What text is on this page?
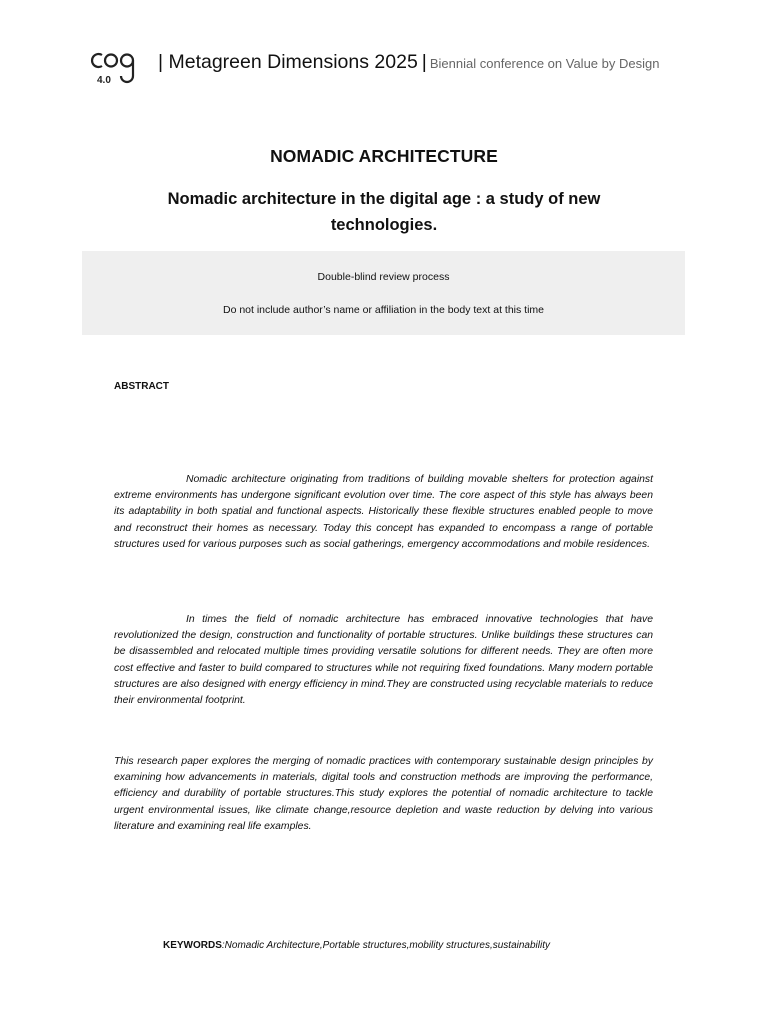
4.0
| Metagreen Dimensions 2025 | Biennial conference on Value by Design
NOMADIC ARCHITECTURE
Nomadic architecture in the digital age : a study of new technologies.
Double-blind review process
Do not include author’s name or affiliation in the body text at this time
ABSTRACT

Nomadic architecture originating from traditions of building movable shelters for protection against extreme environments has undergone significant evolution over time. The core aspect of this style has always been its adaptability in both spatial and functional aspects. Historically these flexible structures enabled people to move and reconstruct their homes as necessary. Today this concept has expanded to encompass a range of portable structures used for various purposes such as social gatherings, emergency accommodations and mobile residences.

In times the field of nomadic architecture has embraced innovative technologies that have revolutionized the design, construction and functionality of portable structures. Unlike buildings these structures can be disassembled and relocated multiple times providing versatile solutions for different needs. They are often more cost effective and faster to build compared to structures while not requiring fixed foundations. Many modern portable structures are also designed with energy efficiency in mind.They are constructed using recyclable materials to reduce their environmental footprint.

This research paper explores the merging of nomadic practices with contemporary sustainable design principles by examining how advancements in materials, digital tools and construction methods are improving the performance, efficiency and durability of portable structures.This study explores the potential of nomadic architecture to tackle urgent environmental issues, like climate change,resource depletion and waste reduction by delving into various literature and examining real life examples.

KEYWORDS:Nomadic Architecture,Portable structures,mobility structures,sustainability
